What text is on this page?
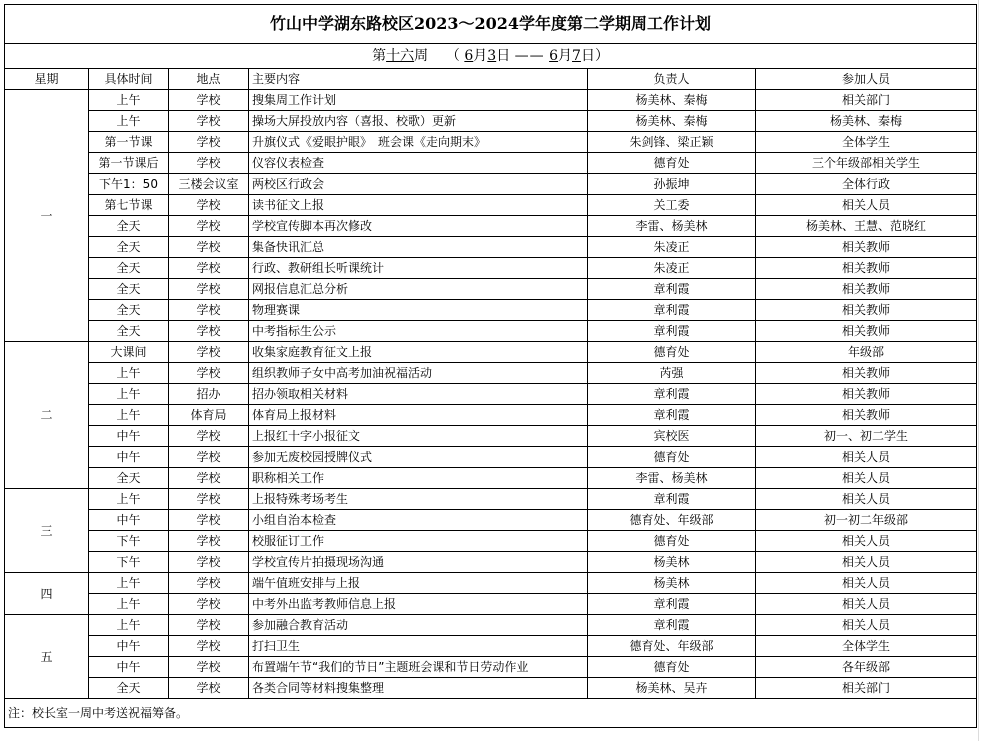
竹山中学湖东路校区2023～2024学年度第二学期周工作计划					
第十六周 （ 6月3日 —— 6月7日）					
星期	具体时间	地点	主要内容	负责人	参加人员
一	上午	学校	搜集周工作计划	杨美林、秦梅	相关部门
	上午	学校	操场大屏投放内容（喜报、校歌）更新	杨美林、秦梅	杨美林、秦梅
	第一节课	学校	升旗仪式《爱眼护眼》　班会课《走向期末》	朱剑锋、梁正颖	全体学生
	第一节课后	学校	仪容仪表检查	德育处	三个年级部相关学生
	下午1：50	三楼会议室	两校区行政会	孙振坤	全体行政
	第七节课	学校	读书征文上报	关工委	相关人员
	全天	学校	学校宣传脚本再次修改	李雷、杨美林	杨美林、王慧、范晓红
	全天	学校	集备快讯汇总	朱凌正	相关教师
	全天	学校	行政、教研组长听课统计	朱凌正	相关教师
	全天	学校	网报信息汇总分析	章利霞	相关教师
	全天	学校	物理赛课	章利霞	相关教师
	全天	学校	中考指标生公示	章利霞	相关教师
二	大课间	学校	收集家庭教育征文上报	德育处	年级部
	上午	学校	组织教师子女中高考加油祝福活动	芮强	相关教师
	上午	招办	招办领取相关材料	章利霞	相关教师
	上午	体育局	体育局上报材料	章利霞	相关教师
	中午	学校	上报红十字小报征文	宾校医	初一、初二学生
	中午	学校	参加无废校园授牌仪式	德育处	相关人员
	全天	学校	职称相关工作	李雷、杨美林	相关人员
三	上午	学校	上报特殊考场考生	章利霞	相关人员
	中午	学校	小组自治本检查	德育处、年级部	初一初二年级部
	下午	学校	校服征订工作	德育处	相关人员
	下午	学校	学校宣传片拍摄现场沟通	杨美林	相关人员
四	上午	学校	端午值班安排与上报	杨美林	相关人员
	上午	学校	中考外出监考教师信息上报	章利霞	相关人员
五	上午	学校	参加融合教育活动	章利霞	相关人员
	中午	学校	打扫卫生	德育处、年级部	全体学生
	中午	学校	布置端午节“我们的节日”主题班会课和节日劳动作业	德育处	各年级部
	全天	学校	各类合同等材料搜集整理	杨美林、吴卉	相关部门
注：校长室一周中考送祝福筹备。					
